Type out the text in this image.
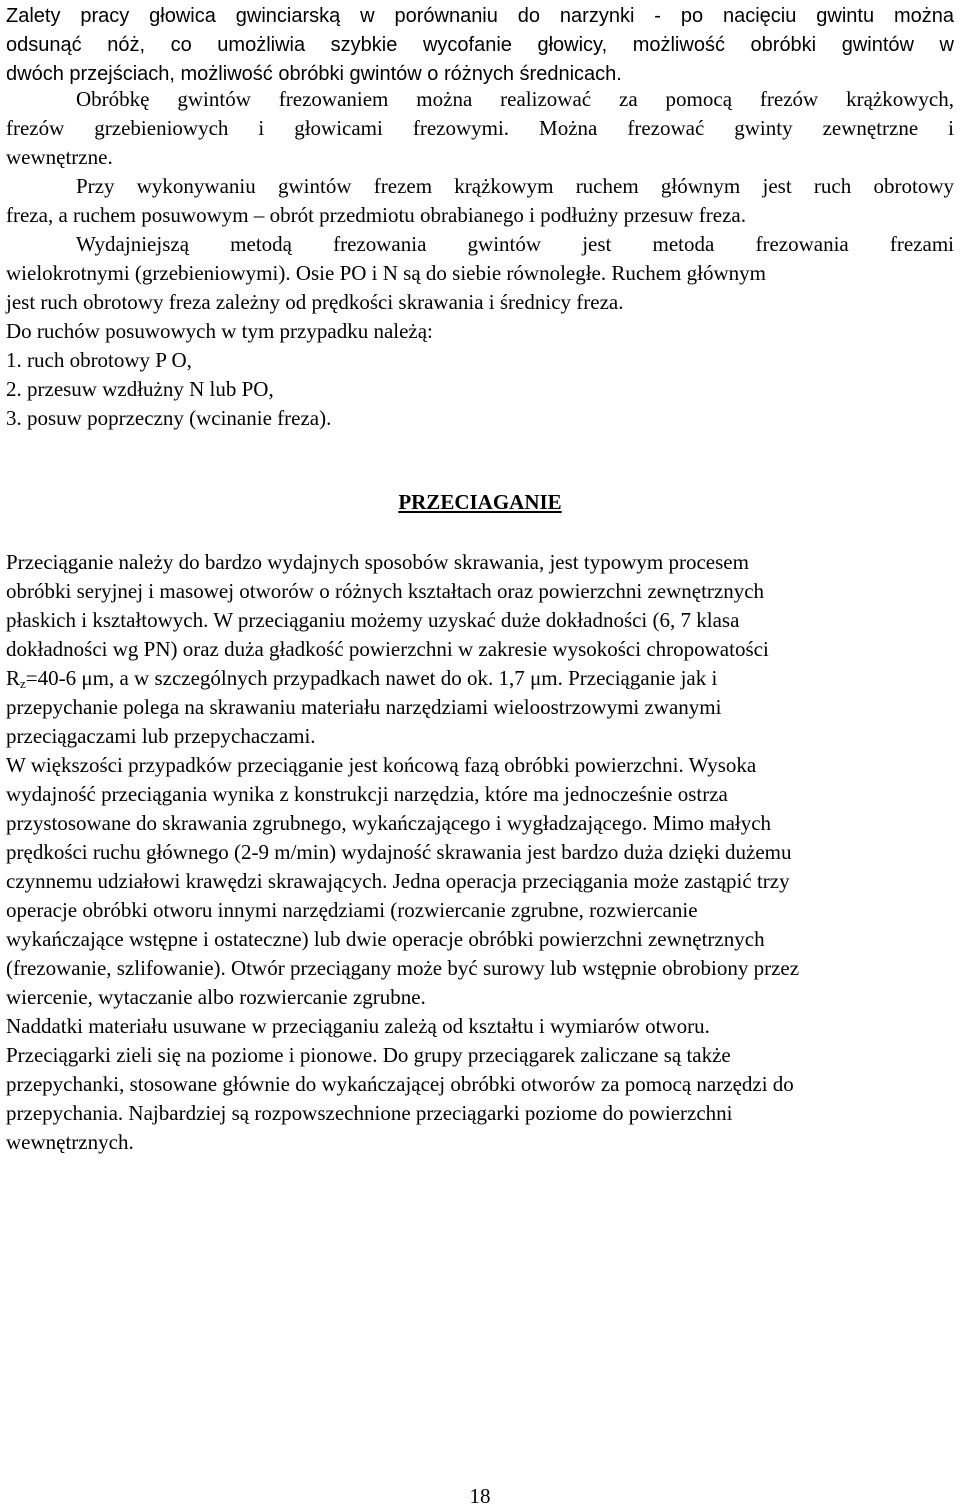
Zalety pracy głowica gwinciarską w porównaniu do narzynki - po nacięciu gwintu można
odsunąć nóż, co umożliwia szybkie wycofanie głowicy, możliwość obróbki gwintów w
dwóch przejściach, możliwość obróbki gwintów o różnych średnicach.
Obróbkę gwintów frezowaniem można realizować za pomocą frezów krążkowych,
frezów grzebieniowych i głowicami frezowymi. Można frezować gwinty zewnętrzne i
wewnętrzne.
Przy wykonywaniu gwintów frezem krążkowym ruchem głównym jest ruch obrotowy
freza, a ruchem posuwowym – obrót przedmiotu obrabianego i podłużny przesuw freza.
Wydajniejszą metodą frezowania gwintów jest metoda frezowania frezami
wielokrotnymi (grzebieniowymi). Osie PO i N są do siebie równoległe. Ruchem głównym
jest ruch obrotowy freza zależny od prędkości skrawania i średnicy freza.
Do ruchów posuwowych w tym przypadku należą:
1. ruch obrotowy P O,
2. przesuw wzdłużny N lub PO,
3. posuw poprzeczny (wcinanie freza).
PRZECIAGANIE
Przeciąganie należy do bardzo wydajnych sposobów skrawania, jest typowym procesem
obróbki seryjnej i masowej otworów o różnych kształtach oraz powierzchni zewnętrznych
płaskich i kształtowych. W przeciąganiu możemy uzyskać duże dokładności (6, 7 klasa
dokładności wg PN) oraz duża gładkość powierzchni w zakresie wysokości chropowatości
$R_z=40-6$ μm, a w szczególnych przypadkach nawet do ok. 1,7 μm. Przeciąganie jak i
przepychanie polega na skrawaniu materiału narzędziami wieloostrzowymi zwanymi
przeciągaczami lub przepychaczami.
W większości przypadków przeciąganie jest końcową fazą obróbki powierzchni. Wysoka
wydajność przeciągania wynika z konstrukcji narzędzia, które ma jednocześnie ostrza
przystosowane do skrawania zgrubnego, wykańczającego i wygładzającego. Mimo małych
prędkości ruchu głównego (2-9 m/min) wydajność skrawania jest bardzo duża dzięki dużemu
czynnemu udziałowi krawędzi skrawających. Jedna operacja przeciągania może zastąpić trzy
operacje obróbki otworu innymi narzędziami (rozwiercanie zgrubne, rozwiercanie
wykańczające wstępne i ostateczne) lub dwie operacje obróbki powierzchni zewnętrznych
(frezowanie, szlifowanie). Otwór przeciągany może być surowy lub wstępnie obrobiony przez
wiercenie, wytaczanie albo rozwiercanie zgrubne.
Naddatki materiału usuwane w przeciąganiu zależą od kształtu i wymiarów otworu.
Przeciągarki zieli się na poziome i pionowe. Do grupy przeciągarek zaliczane są także
przepychanki, stosowane głównie do wykańczającej obróbki otworów za pomocą narzędzi do
przepychania. Najbardziej są rozpowszechnione przeciągarki poziome do powierzchni
wewnętrznych.
18
